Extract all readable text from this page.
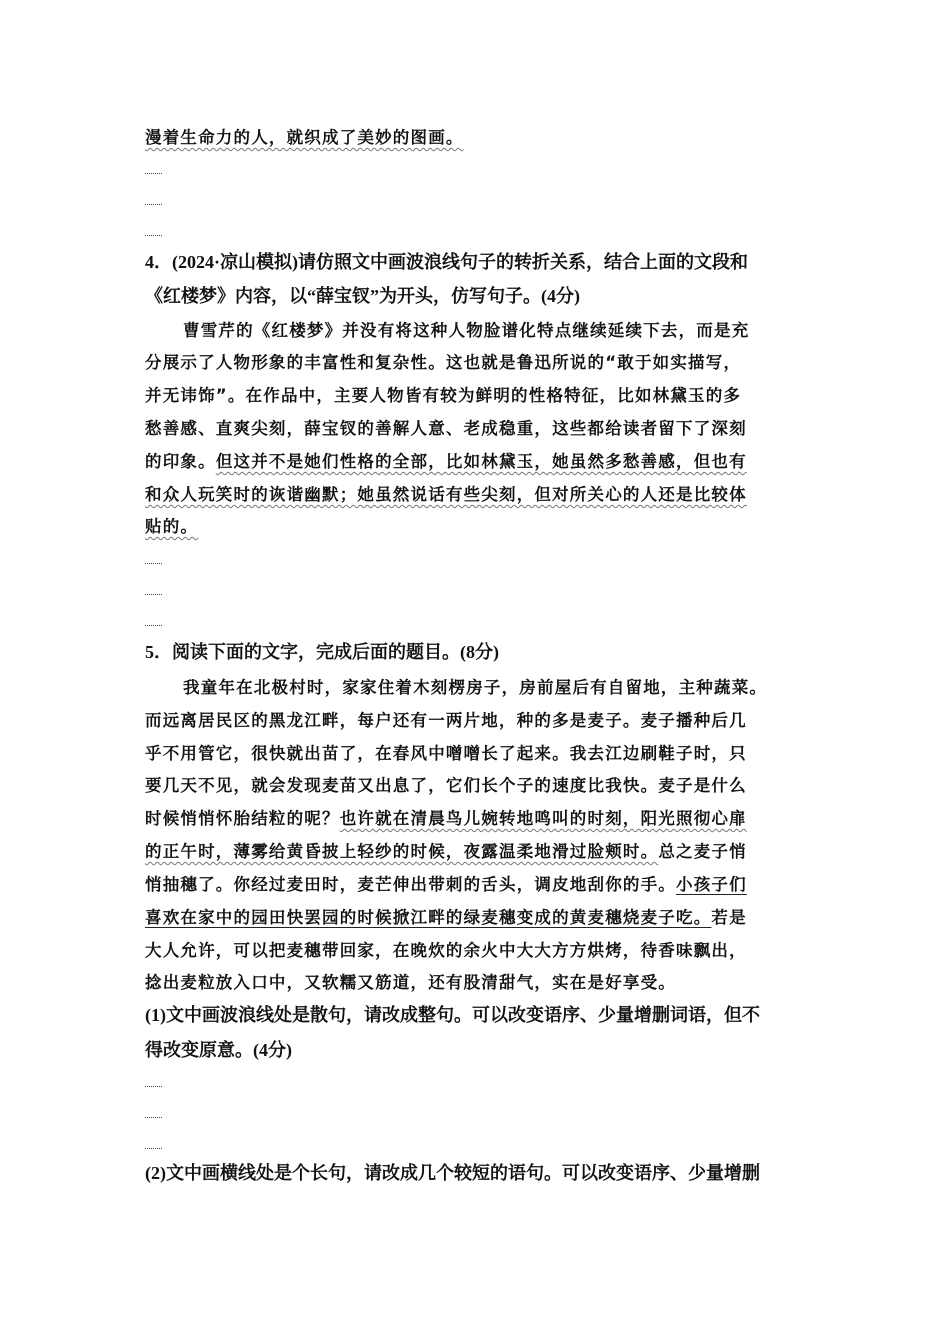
漫着生命力的人，就织成了美妙的图画。
4．(2024·凉山模拟)请仿照文中画波浪线句子的转折关系，结合上面的文段和
《红楼梦》内容，以“薛宝钗”为开头，仿写句子。(4分)
曹雪芹的《红楼梦》并没有将这种人物脸谱化特点继续延续下去，而是充
分展示了人物形象的丰富性和复杂性。这也就是鲁迅所说的“敢于如实描写，
并无讳饰”。在作品中，主要人物皆有较为鲜明的性格特征，比如林黛玉的多
愁善感、直爽尖刻，薛宝钗的善解人意、老成稳重，这些都给读者留下了深刻
的印象。但这并不是她们性格的全部，比如林黛玉，她虽然多愁善感，但也有
和众人玩笑时的诙谐幽默；她虽然说话有些尖刻，但对所关心的人还是比较体
贴的。
5．阅读下面的文字，完成后面的题目。(8分)
我童年在北极村时，家家住着木刻楞房子，房前屋后有自留地，主种蔬菜。
而远离居民区的黑龙江畔，每户还有一两片地，种的多是麦子。麦子播种后几
乎不用管它，很快就出苗了，在春风中噌噌长了起来。我去江边刷鞋子时，只
要几天不见，就会发现麦苗又出息了，它们长个子的速度比我快。麦子是什么
时候悄悄怀胎结粒的呢？也许就在清晨鸟儿婉转地鸣叫的时刻，阳光照彻心扉
的正午时，薄雾给黄昏披上轻纱的时候，夜露温柔地滑过脸颊时。总之麦子悄
悄抽穗了。你经过麦田时，麦芒伸出带刺的舌头，调皮地刮你的手。小孩子们
喜欢在家中的园田快罢园的时候掀江畔的绿麦穗变成的黄麦穗烧麦子吃。若是
大人允许，可以把麦穗带回家，在晚炊的余火中大大方方烘烤，待香味飘出，
捻出麦粒放入口中，又软糯又筋道，还有股清甜气，实在是好享受。
(1)文中画波浪线处是散句，请改成整句。可以改变语序、少量增删词语，但不
得改变原意。(4分)
(2)文中画横线处是个长句，请改成几个较短的语句。可以改变语序、少量增删
